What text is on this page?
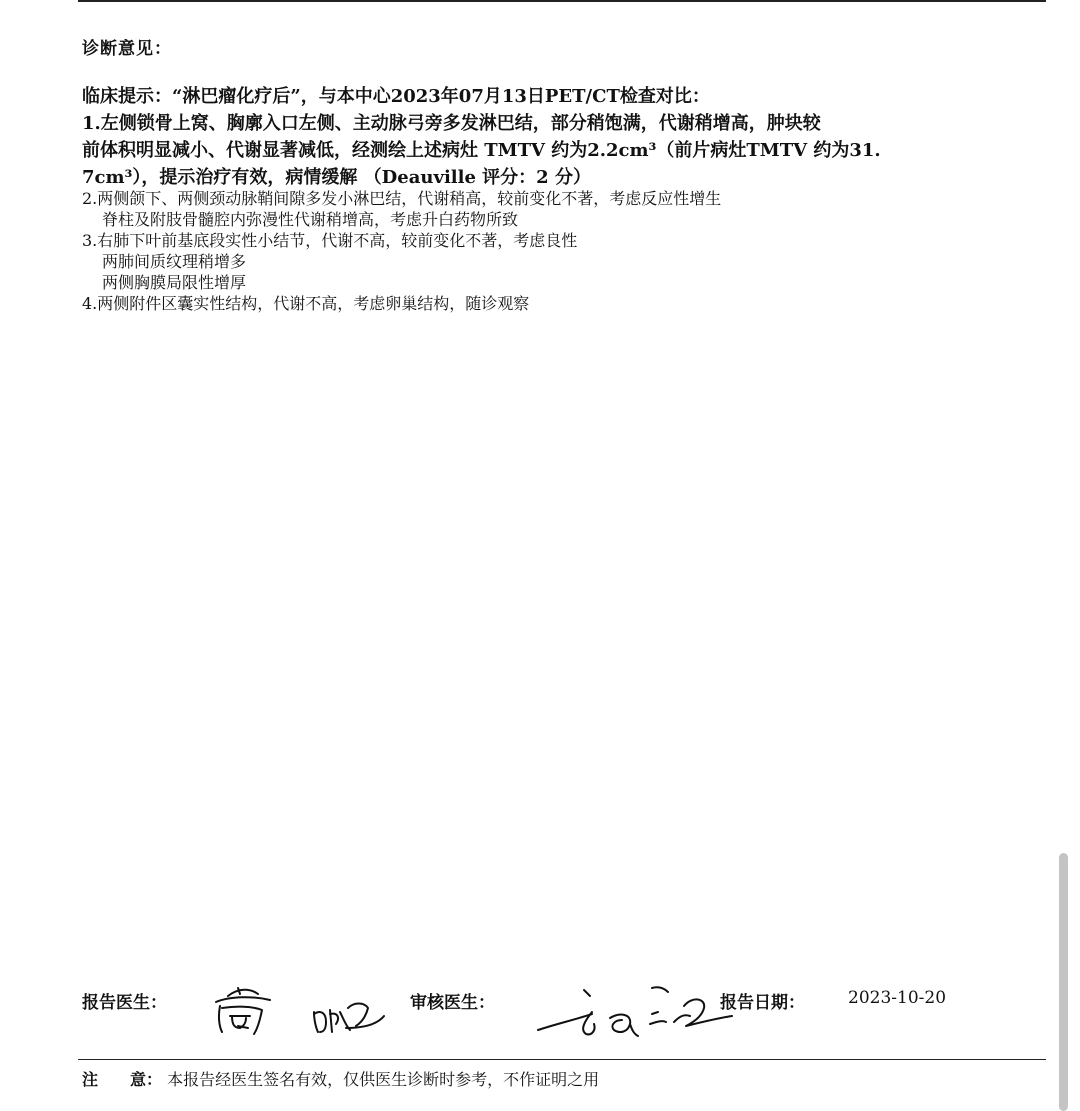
诊断意见：
临床提示：“淋巴瘤化疗后”，与本中心2023年07月13日PET/CT检查对比：
1.左侧锁骨上窝、胸廓入口左侧、主动脉弓旁多发淋巴结，部分稍饱满，代谢稍增高，肿块较
前体积明显减小、代谢显著减低，经测绘上述病灶 TMTV 约为2.2cm³（前片病灶TMTV 约为31.
7cm³），提示治疗有效，病情缓解 （Deauville 评分：2 分）
2.两侧颌下、两侧颈动脉鞘间隙多发小淋巴结，代谢稍高，较前变化不著，考虑反应性增生
脊柱及附肢骨髓腔内弥漫性代谢稍增高，考虑升白药物所致
3.右肺下叶前基底段实性小结节，代谢不高，较前变化不著，考虑良性
两肺间质纹理稍增多
两侧胸膜局限性增厚
4.两侧附件区囊实性结构，代谢不高，考虑卵巢结构，随诊观察
报告医生：	审核医生：	报告日期：	2023-10-20
注　　意： 本报告经医生签名有效，仅供医生诊断时参考，不作证明之用
